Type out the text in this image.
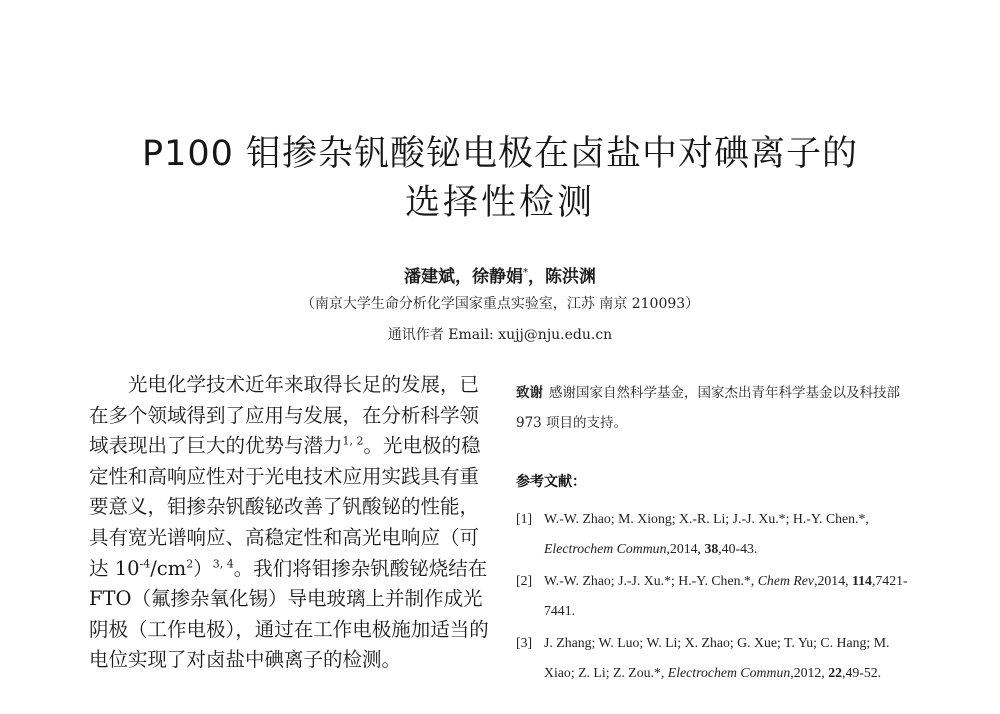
P100 钼掺杂钒酸铋电极在卤盐中对碘离子的
选择性检测
潘建斌，徐静娟*，陈洪渊
（南京大学生命分析化学国家重点实验室，江苏 南京 210093）
通讯作者 Email: xujj@nju.edu.cn

光电化学技术近年来取得长足的发展，已在多个领域得到了应用与发展，在分析科学领域表现出了巨大的优势与潜力$^{1, 2}$。光电极的稳定性和高响应性对于光电技术应用实践具有重要意义，钼掺杂钒酸铋改善了钒酸铋的性能，具有宽光谱响应、高稳定性和高光电响应（可达 $10^{-4}/cm^2)^{3, 4}$。我们将钼掺杂钒酸铋烧结在 FTO（氟掺杂氧化锡）导电玻璃上并制作成光阴极（工作电极），通过在工作电极施加适当的电位实现了对卤盐中碘离子的检测。

致谢 感谢国家自然科学基金，国家杰出青年科学基金以及科技部 973 项目的支持。
参考文献：
[1] W.-W. Zhao; M. Xiong; X.-R. Li; J.-J. Xu.*; H.-Y. Chen.*, Electrochem Commun,2014, 38,40-43.
[2] W.-W. Zhao; J.-J. Xu.*; H.-Y. Chen.*, Chem Rev,2014, 114,7421-7441.
[3] J. Zhang; W. Luo; W. Li; X. Zhao; G. Xue; T. Yu; C. Hang; M. Xiao; Z. Li; Z. Zou.*, Electrochem Commun,2012, 22,49-52.
